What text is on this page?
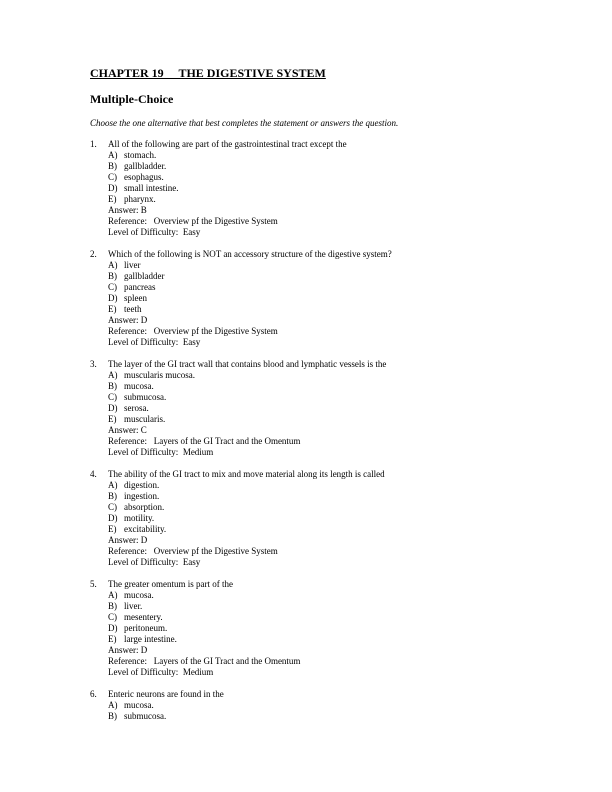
CHAPTER 19     THE DIGESTIVE SYSTEM
Multiple-Choice
Choose the one alternative that best completes the statement or answers the question.
1. All of the following are part of the gastrointestinal tract except the
A) stomach.
B) gallbladder.
C) esophagus.
D) small intestine.
E) pharynx.
Answer: B
Reference:   Overview pf the Digestive System
Level of Difficulty:  Easy
2. Which of the following is NOT an accessory structure of the digestive system?
A) liver
B) gallbladder
C) pancreas
D) spleen
E) teeth
Answer: D
Reference:   Overview pf the Digestive System
Level of Difficulty:  Easy
3. The layer of the GI tract wall that contains blood and lymphatic vessels is the
A) muscularis mucosa.
B) mucosa.
C) submucosa.
D) serosa.
E) muscularis.
Answer: C
Reference:   Layers of the GI Tract and the Omentum
Level of Difficulty:  Medium
4. The ability of the GI tract to mix and move material along its length is called
A) digestion.
B) ingestion.
C) absorption.
D) motility.
E) excitability.
Answer: D
Reference:   Overview pf the Digestive System
Level of Difficulty:  Easy
5. The greater omentum is part of the
A) mucosa.
B) liver.
C) mesentery.
D) peritoneum.
E) large intestine.
Answer: D
Reference:   Layers of the GI Tract and the Omentum
Level of Difficulty:  Medium
6. Enteric neurons are found in the
A) mucosa.
B) submucosa.
